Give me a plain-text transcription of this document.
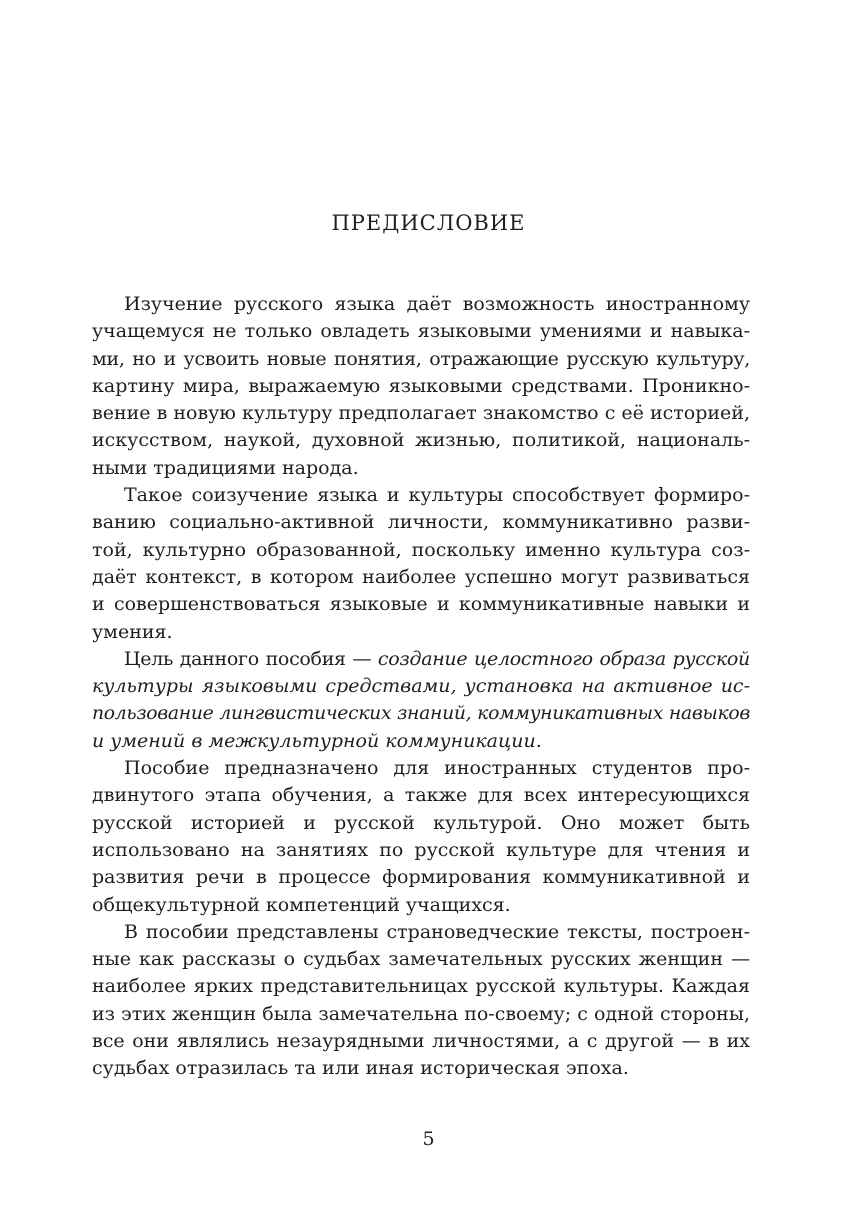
ПРЕДИСЛОВИЕ
Изучение русского языка даёт возможность иностранному
учащемуся не только овладеть языковыми умениями и навыка-
ми, но и усвоить новые понятия, отражающие русскую культуру,
картину мира, выражаемую языковыми средствами. Проникно-
вение в новую культуру предполагает знакомство с её историей,
искусством, наукой, духовной жизнью, политикой, националь-
ными традициями народа.
Такое соизучение языка и культуры способствует формиро-
ванию социально-активной личности, коммуникативно разви-
той, культурно образованной, поскольку именно культура соз-
даёт контекст, в котором наиболее успешно могут развиваться
и совершенствоваться языковые и коммуникативные навыки и
умения.
Цель данного пособия — создание целостного образа русской
культуры языковыми средствами, установка на активное ис-
пользование лингвистических знаний, коммуникативных навыков
и умений в межкультурной коммуникации.
Пособие предназначено для иностранных студентов про-
двинутого этапа обучения, а также для всех интересующихся
русской историей и русской культурой. Оно может быть
использовано на занятиях по русской культуре для чтения и
развития речи в процессе формирования коммуникативной и
общекультурной компетенций учащихся.
В пособии представлены страноведческие тексты, построен-
ные как рассказы о судьбах замечательных русских женщин —
наиболее ярких представительницах русской культуры. Каждая
из этих женщин была замечательна по-своему; с одной стороны,
все они являлись незаурядными личностями, а с другой — в их
судьбах отразилась та или иная историческая эпоха.
5
